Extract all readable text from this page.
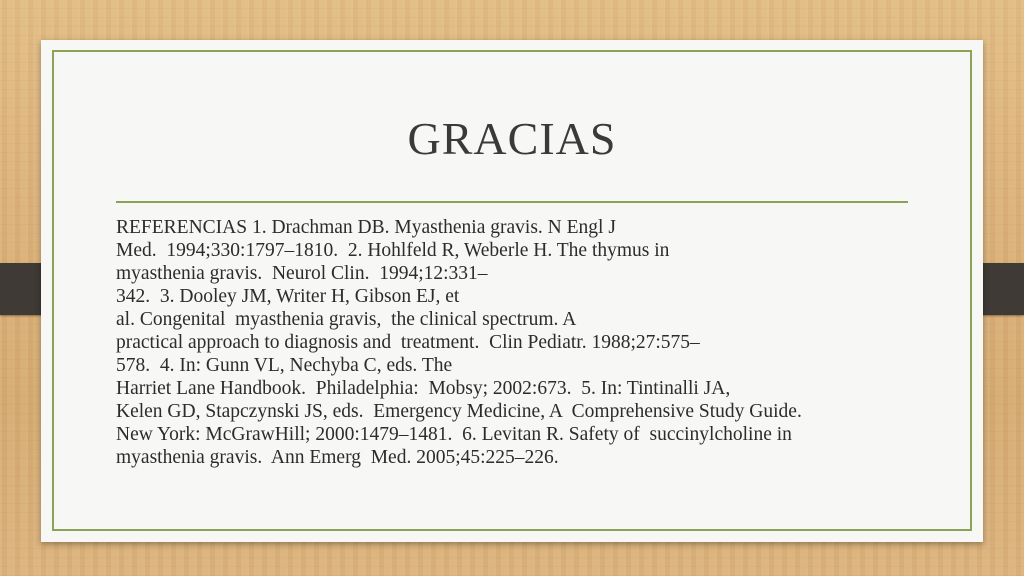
GRACIAS
REFERENCIAS 1. Drachman DB. Myasthenia gravis. N Engl J
Med.  1994;330:1797–1810.  2. Hohlfeld R, Weberle H. The thymus in
myasthenia gravis.  Neurol Clin.  1994;12:331–
342.  3. Dooley JM, Writer H, Gibson EJ, et
al. Congenital  myasthenia gravis,  the clinical spectrum. A
practical approach to diagnosis and  treatment.  Clin Pediatr. 1988;27:575–
578.  4. In: Gunn VL, Nechyba C, eds. The
Harriet Lane Handbook.  Philadelphia:  Mobsy; 2002:673.  5. In: Tintinalli JA,
Kelen GD, Stapczynski JS, eds.  Emergency Medicine, A  Comprehensive Study Guide.
New York: McGrawHill; 2000:1479–1481.  6. Levitan R. Safety of  succinylcholine in
myasthenia gravis.  Ann Emerg  Med. 2005;45:225–226.
